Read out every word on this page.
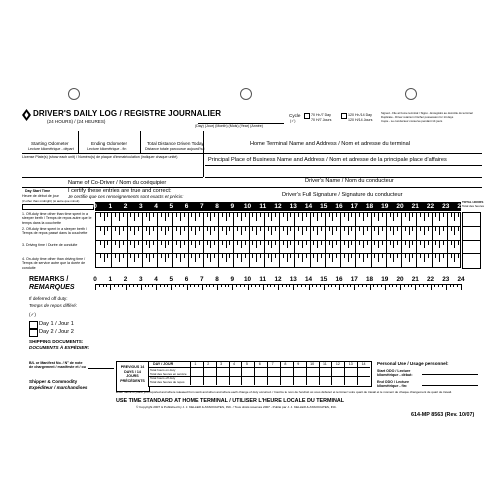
DRIVER'S DAILY LOG / REGISTRE JOURNALIER
(24 HOURS) / (24 HEURES)
(Day) (Jour) (Month) (Mois) (Year) (Année)
Cycle
(✓)
70 Hr./7 Day
70 H/7 Jours
120 Hr./14 Day
120 H/14 Jours
Signed - File at home terminal / Signé - Enregistré au domicile du terminal
Duplicate - Driver retains in his/her possession for 14 days
Copie - Le conducteur conserve pendant 14 jours
Starting Odometer
Lecture kilométrique - départ
Ending Odometer
Lecture kilométrique - fin
Total Distance Driven Today
Distance totale parcourue aujourd'hui
Home Terminal Name and Address / Nom et adresse du terminal
License Plate(s) (show each unit) / Numéro(s) de plaque d'immatriculation (indiquer chaque unité)	Principal Place of Business Name and Address / Nom et adresse de la principale place d'affaires
Driver's Name / Nom du conducteur
Name of Co-Driver / Nom du coéquipier
I certify these entries are true and correct:
Je certifie que ces renseignements sont exacts et précis:	Driver's Full Signature / Signature du conducteur
Day Start Time
Heure de début de jour
(if other than midnight) (si autre que minuit)
0	1	2	3	4	5	6	7	8	9	10	11	12	13	14	15	16	17	18	19	20	21	22	23	24
TOTAL HOURS
Total des heures
1. Off-duty time other than time spent in a sleeper berth / Temps de repos autre que le temps dans la couchette
2. Off-duty time spent in a sleeper berth / Temps de repos passé dans la couchette
3. Driving time / Durée de conduite
4. On-duty time other than driving time / Temps de service autre que la durée de conduite
REMARKS /
REMARQUES
0	1	2	3	4	5	6	7	8	9	10	11	12	13	14	15	16	17	18	19	20	21	22	23	24
If deferred off duty:
Temps de repos différé:
(✓)
Day 1 / Jour 1
Day 2 / Jour 2
SHIPPING DOCUMENTS:
DOCUMENTS À EXPÉDIER:
B/L or Manifest No. / N° de note de chargement / manifeste et / ou
Shipper & Commodity
Expéditeur / marchandises
PREVIOUS 14 DAYS / 14 JOURS PRÉCÉDENTS
1	2	3	4	5	6	7	8	9	10 11	12 13 14
DAY / JOUR
Total hours on duty
Total des heures en service
Total hours off duty
Total des heures de repos
Personal Use / Usage personnel:
Start ODO / Lecture kilométrique - début:
End ODO / Lecture kilométrique - fin:
Enter name of place you reported and where released from work and when and where each change of duty occurred. / Inscrire le nom de l'endroit où vous débutez et terminez votre quart de travail et le moment de chaque changement de quart de travail.
USE TIME STANDARD AT HOME TERMINAL / UTILISER L'HEURE LOCALE DU TERMINAL
© Copyright 2007 & Published by J. J. KELLER & ASSOCIATES, INC. / Tous droits réservés 2007 - Publié par J. J. KELLER & ASSOCIATES, INC.
614-MP 8563 (Rev. 10/07)
